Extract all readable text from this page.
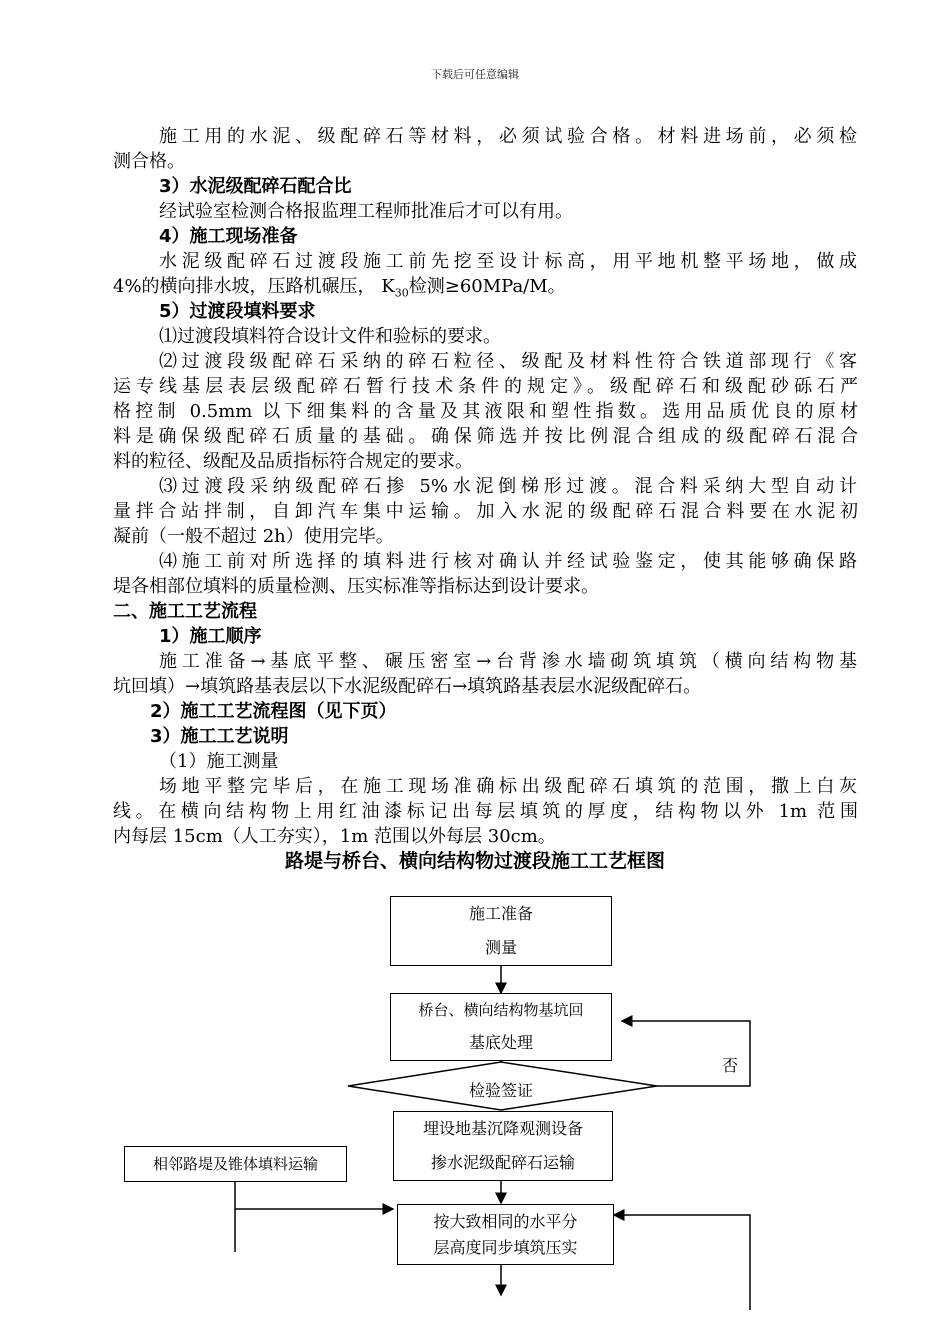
下载后可任意编辑
施工用的水泥、级配碎石等材料，必须试验合格。材料进场前，必须检
测合格。
3）水泥级配碎石配合比
经试验室检测合格报监理工程师批准后才可以有用。
4）施工现场准备
水泥级配碎石过渡段施工前先挖至设计标高，用平地机整平场地，做成
4%的横向排水坡，压路机碾压， $K_{30}$检测≥60MPa/M。
5）过渡段填料要求
⑴过渡段填料符合设计文件和验标的要求。
⑵过渡段级配碎石采纳的碎石粒径、级配及材料性符合铁道部现行《客
运专线基层表层级配碎石暂行技术条件的规定》。级配碎石和级配砂砾石严
格控制 0.5mm 以下细集料的含量及其液限和塑性指数。选用品质优良的原材
料是确保级配碎石质量的基础。确保筛选并按比例混合组成的级配碎石混合
料的粒径、级配及品质指标符合规定的要求。
⑶过渡段采纳级配碎石掺 5%水泥倒梯形过渡。混合料采纳大型自动计
量拌合站拌制，自卸汽车集中运输。加入水泥的级配碎石混合料要在水泥初
凝前（一般不超过 2h）使用完毕。
⑷施工前对所选择的填料进行核对确认并经试验鉴定，使其能够确保路
堤各相部位填料的质量检测、压实标准等指标达到设计要求。
二、施工工艺流程
1）施工顺序
施工准备→基底平整、碾压密室→台背渗水墙砌筑填筑（横向结构物基
坑回填）→填筑路基表层以下水泥级配碎石→填筑路基表层水泥级配碎石。
2）施工工艺流程图（见下页）
3）施工工艺说明
（1）施工测量
场地平整完毕后，在施工现场准确标出级配碎石填筑的范围，撒上白灰
线。在横向结构物上用红油漆标记出每层填筑的厚度，结构物以外 1m 范围
内每层 15cm（人工夯实），1m 范围以外每层 30cm。
路堤与桥台、横向结构物过渡段施工工艺框图
施工准备
测量
桥台、横向结构物基坑回
基底处理
检验签证
否
埋设地基沉降观测设备
掺水泥级配碎石运输
相邻路堤及锥体填料运输
按大致相同的水平分
层高度同步填筑压实
